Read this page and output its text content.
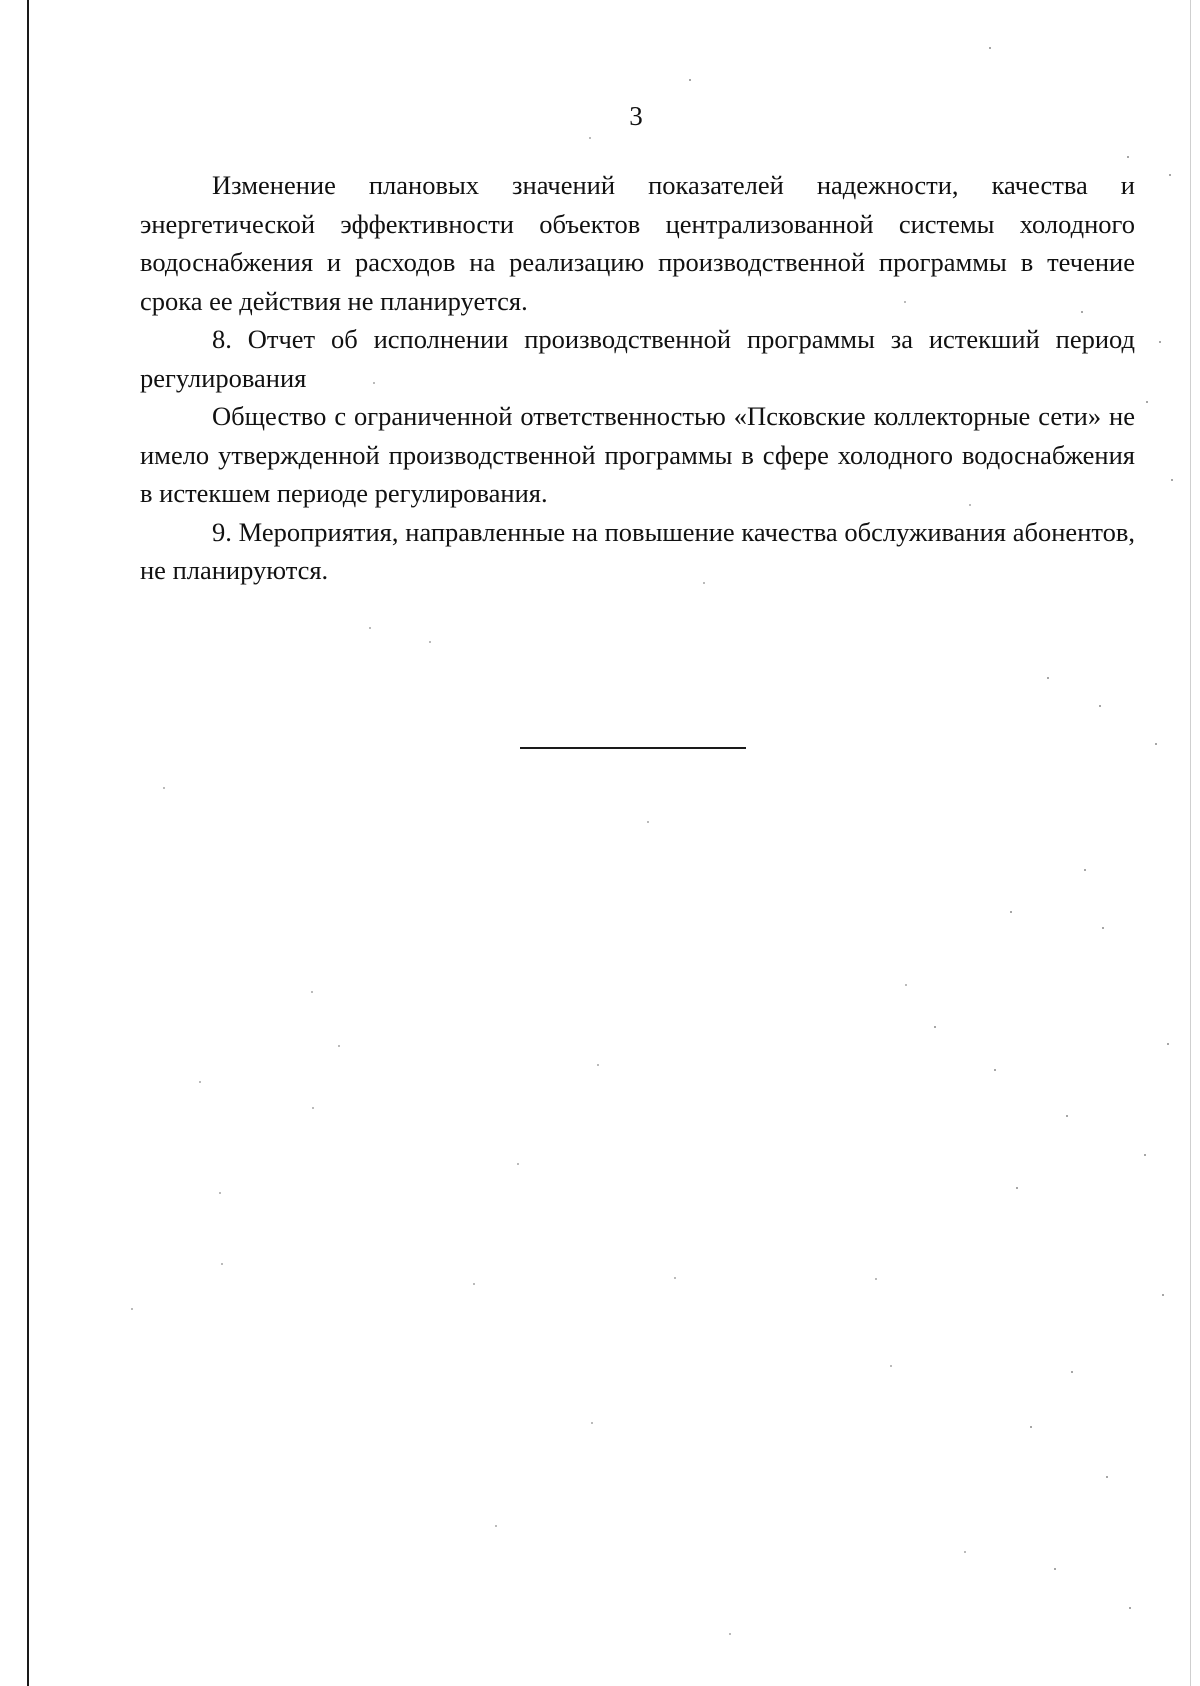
3

Изменение плановых значений показателей надежности, качества и энергетической эффективности объектов централизованной системы холодного водоснабжения и расходов на реализацию производственной программы в течение срока ее действия не планируется.

8. Отчет об исполнении производственной программы за истекший период регулирования

Общество с ограниченной ответственностью «Псковские коллекторные сети» не имело утвержденной производственной программы в сфере холодного водоснабжения в истекшем периоде регулирования.

9. Мероприятия, направленные на повышение качества обслуживания абонентов, не планируются.
